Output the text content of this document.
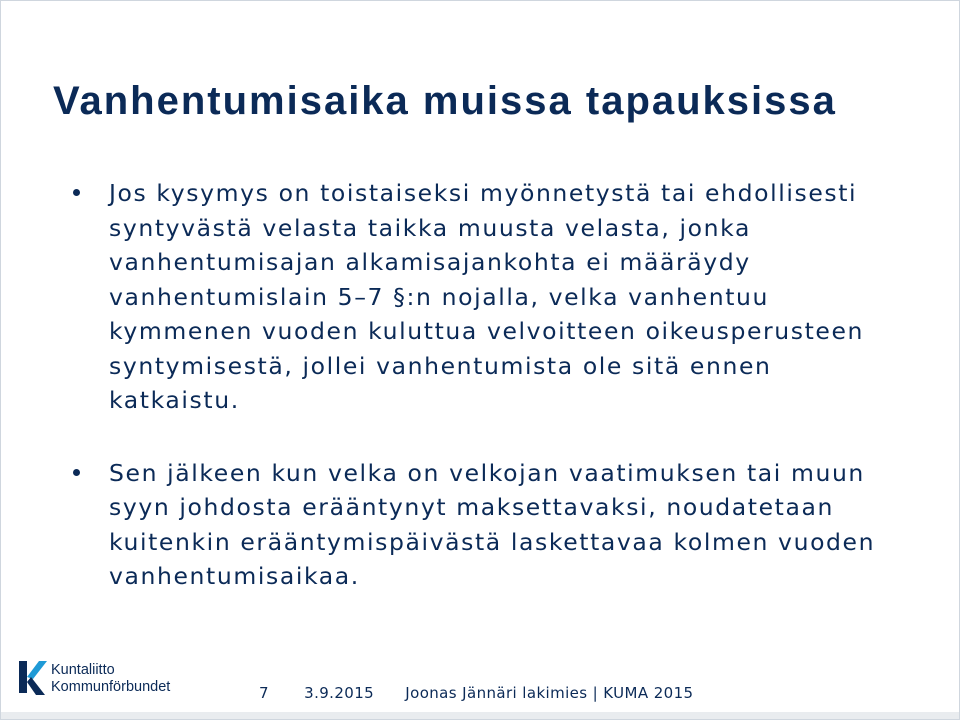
Vanhentumisaika muissa tapauksissa
Jos kysymys on toistaiseksi myönnetystä tai ehdollisesti syntyvästä velasta taikka muusta velasta, jonka vanhentumisajan alkamisajankohta ei määräydy vanhentumislain 5–7 §:n nojalla, velka vanhentuu kymmenen vuoden kuluttua velvoitteen oikeusperusteen syntymisestä, jollei vanhentumista ole sitä ennen katkaistu.
Sen jälkeen kun velka on velkojan vaatimuksen tai muun syyn johdosta erääntynyt maksettavaksi, noudatetaan kuitenkin erääntymispäivästä laskettavaa kolmen vuoden vanhentumisaikaa.
Kuntaliitto
Kommunförbundet	7 3.9.2015 Joonas Jännäri lakimies | KUMA 2015
